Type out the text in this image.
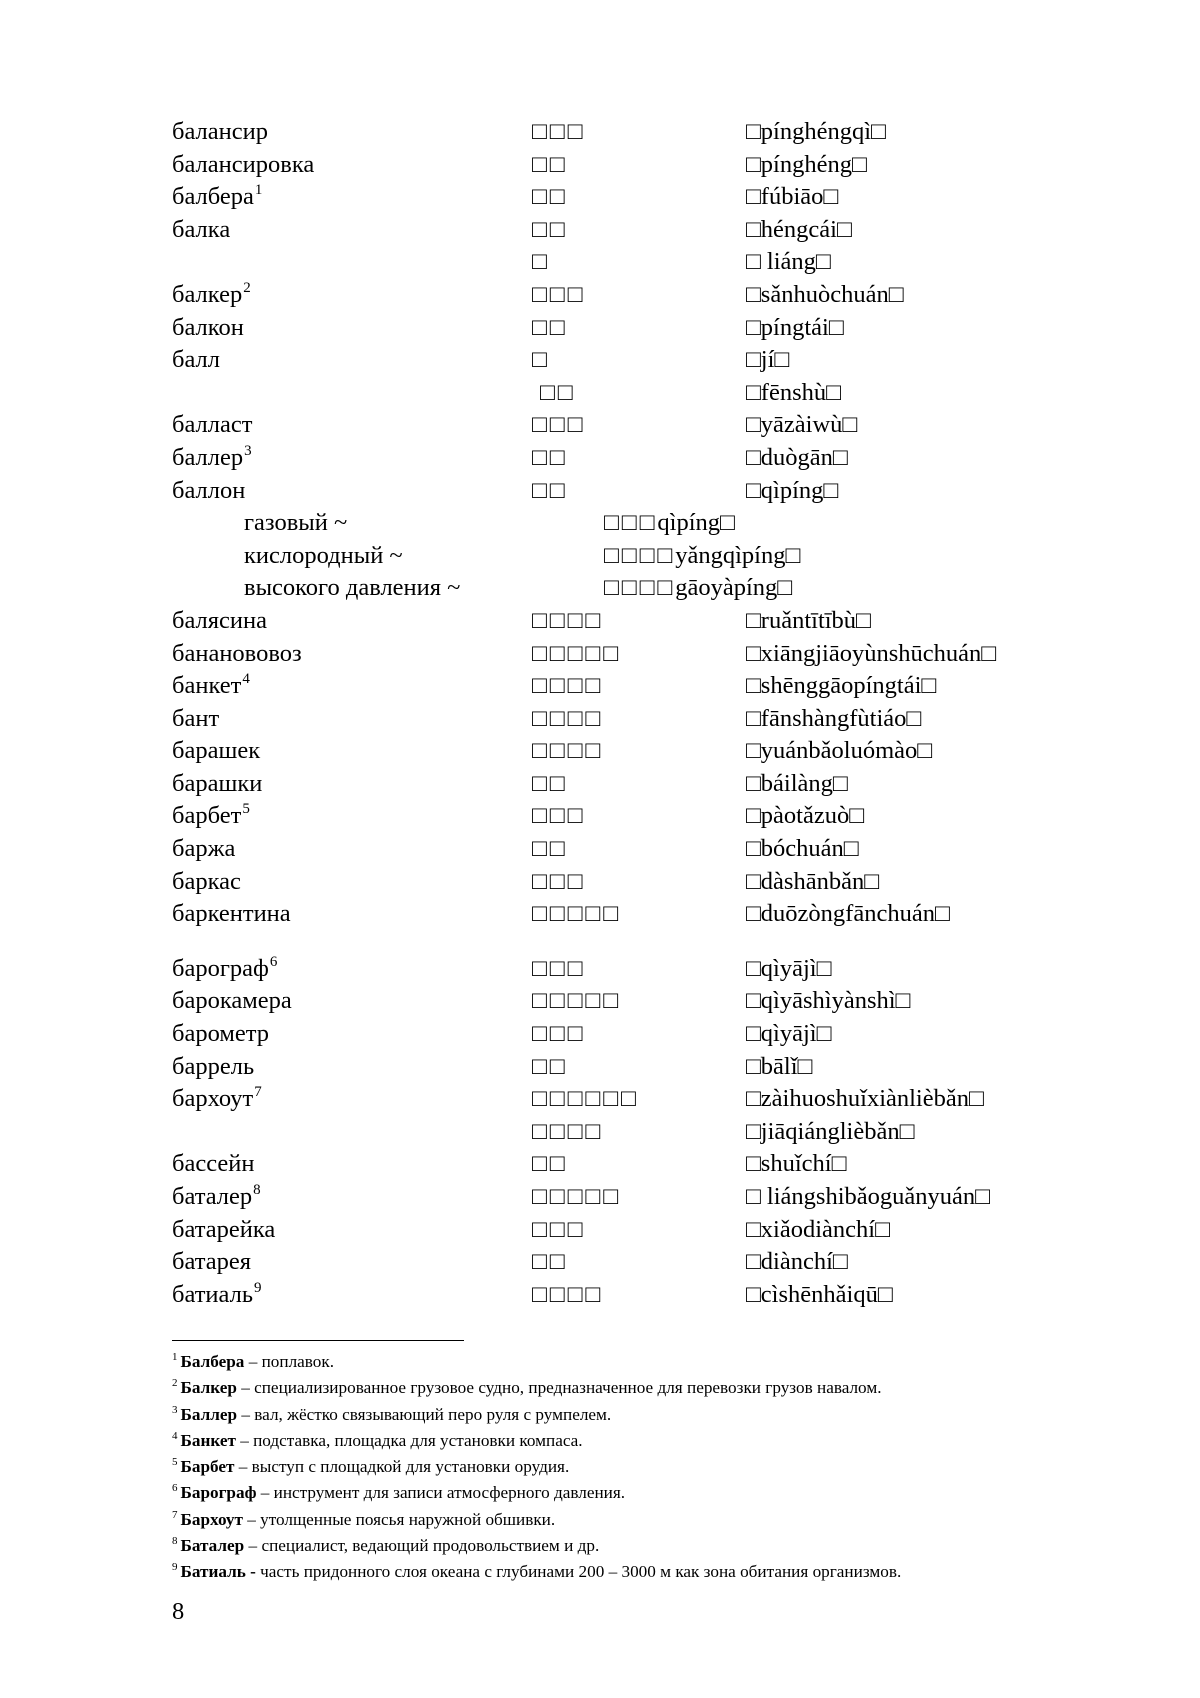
балансир	□□□	□pínghéngqì□
балансировка	□□	□pínghéng□
балбера1	□□	□fúbiāo□
балка	□□	□héngcái□
□	□ liáng□
балкер2	□□□	□sǎnhuòchuán□
балкон	□□	□píngtái□
балл	□	□jí□
□□	□fēnshù□
балласт	□□□	□yāzàiwù□
баллер3	□□	□duògān□
баллон	□□	□qìpíng□
газовый ~	□□□qìpíng□
кислородный ~	□□□□yǎngqìpíng□
высокого давления ~	□□□□gāoyàpíng□
балясина	□□□□	□ruǎntītībù□
бананововоз	□□□□□	□xiāngjiāoyùnshūchuán□
банкет4	□□□□	□shēnggāopíngtái□
бант	□□□□	□fānshàngfùtiáo□
барашек	□□□□	□yuánbǎoluómào□
барашки	□□	□báilàng□
барбет5	□□□	□pàotǎzuò□
баржа	□□	□bóchuán□
баркас	□□□	□dàshānbǎn□
баркентина	□□□□□	□duōzòngfānchuán□
барограф6	□□□	□qìyājì□
барокамера	□□□□□	□qìyāshìyànshì□
барометр	□□□	□qìyājì□
баррель	□□	□bālǐ□
бархоут7	□□□□□□	□zàihuoshuǐxiànlièbǎn□
□□□□	□jiāqiánglièbǎn□
бассейн	□□	□shuǐchí□
баталер8	□□□□□	□ liángshibǎoguǎnyuán□
батарейка	□□□	□xiǎodiànchí□
батарея	□□	□diànchí□
батиаль9	□□□□	□cìshēnhǎiqū□
1 Балбера – поплавок.
2 Балкер – специализированное грузовое судно, предназначенное для перевозки грузов навалом.
3 Баллер – вал, жёстко связывающий перо руля с румпелем.
4 Банкет – подставка, площадка для установки компаса.
5 Барбет – выступ с площадкой для установки орудия.
6 Барограф – инструмент для записи атмосферного давления.
7 Бархоут – утолщенные поясья наружной обшивки.
8 Баталер – специалист, ведающий продовольствием и др.
9 Батиаль - часть придонного слоя океана с глубинами 200 – 3000 м как зона обитания организмов.
8
